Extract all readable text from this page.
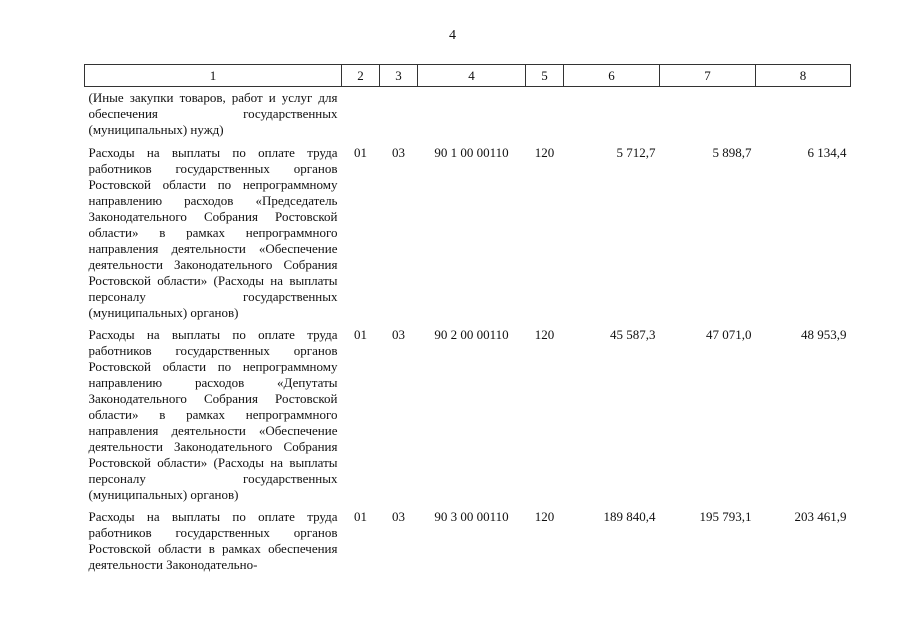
4
1	2	3	4	5	6	7	8
(Иные закупки товаров, работ и услуг для обеспечения государственных (муниципальных) нужд)							
Расходы на выплаты по оплате труда работников государственных органов Ростовской области по непрограммному направлению расходов «Председатель Законодательного Собрания Ростовской области» в рамках непрограммного направления деятельности «Обеспечение деятельности Законодательного Собрания Ростовской области» (Расходы на выплаты персоналу государственных (муниципальных) органов)	01	03	90 1 00 00110	120	5 712,7	5 898,7	6 134,4
Расходы на выплаты по оплате труда работников государственных органов Ростовской области по непрограммному направлению расходов «Депутаты Законодательного Собрания Ростовской области» в рамках непрограммного направления деятельности «Обеспечение деятельности Законодательного Собрания Ростовской области» (Расходы на выплаты персоналу государственных (муниципальных) органов)	01	03	90 2 00 00110	120	45 587,3	47 071,0	48 953,9
Расходы на выплаты по оплате труда работников государственных органов Ростовской области в рамках обеспечения деятельности Законодательно-	01	03	90 3 00 00110	120	189 840,4	195 793,1	203 461,9
